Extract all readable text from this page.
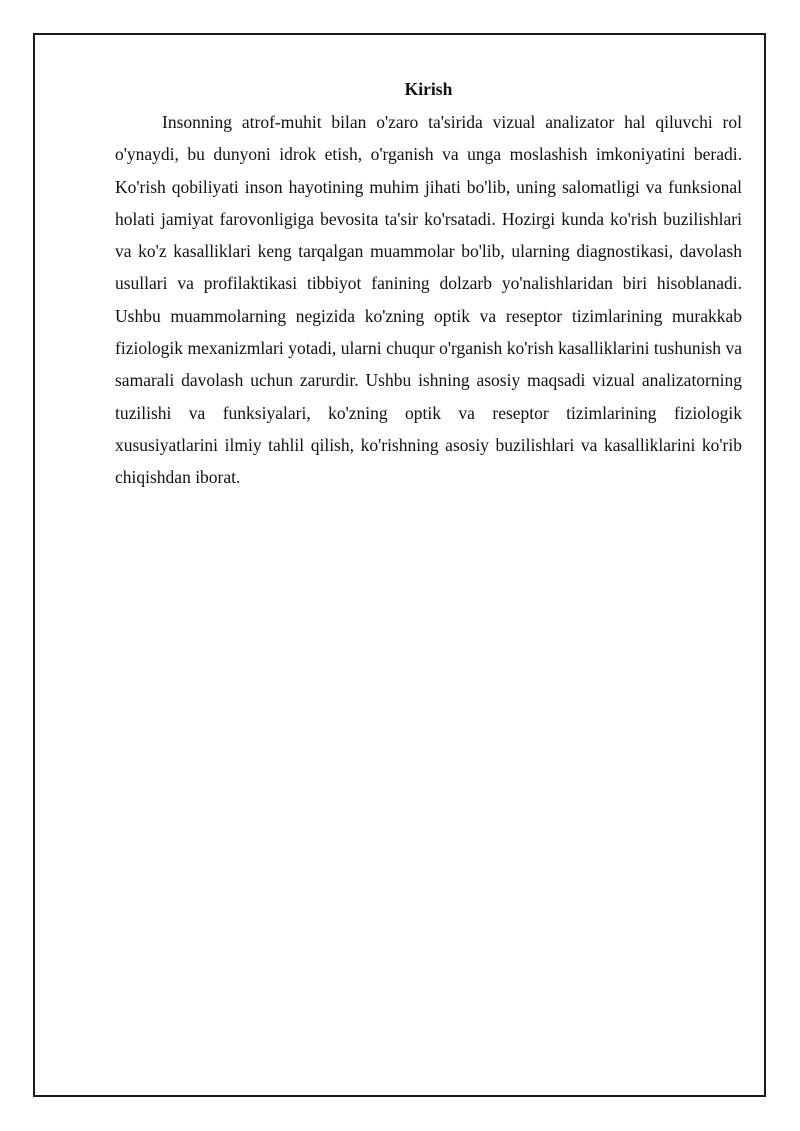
Kirish

Insonning atrof-muhit bilan o'zaro ta'sirida vizual analizator hal qiluvchi rol o'ynaydi, bu dunyoni idrok etish, o'rganish va unga moslashish imkoniyatini beradi. Ko'rish qobiliyati inson hayotining muhim jihati bo'lib, uning salomatligi va funksional holati jamiyat farovonligiga bevosita ta'sir ko'rsatadi. Hozirgi kunda ko'rish buzilishlari va ko'z kasalliklari keng tarqalgan muammolar bo'lib, ularning diagnostikasi, davolash usullari va profilaktikasi tibbiyot fanining dolzarb yo'nalishlaridan biri hisoblanadi. Ushbu muammolarning negizida ko'zning optik va reseptor tizimlarining murakkab fiziologik mexanizmlari yotadi, ularni chuqur o'rganish ko'rish kasalliklarini tushunish va samarali davolash uchun zarurdir. Ushbu ishning asosiy maqsadi vizual analizatorning tuzilishi va funksiyalari, ko'zning optik va reseptor tizimlarining fiziologik xususiyatlarini ilmiy tahlil qilish, ko'rishning asosiy buzilishlari va kasalliklarini ko'rib chiqishdan iborat.
